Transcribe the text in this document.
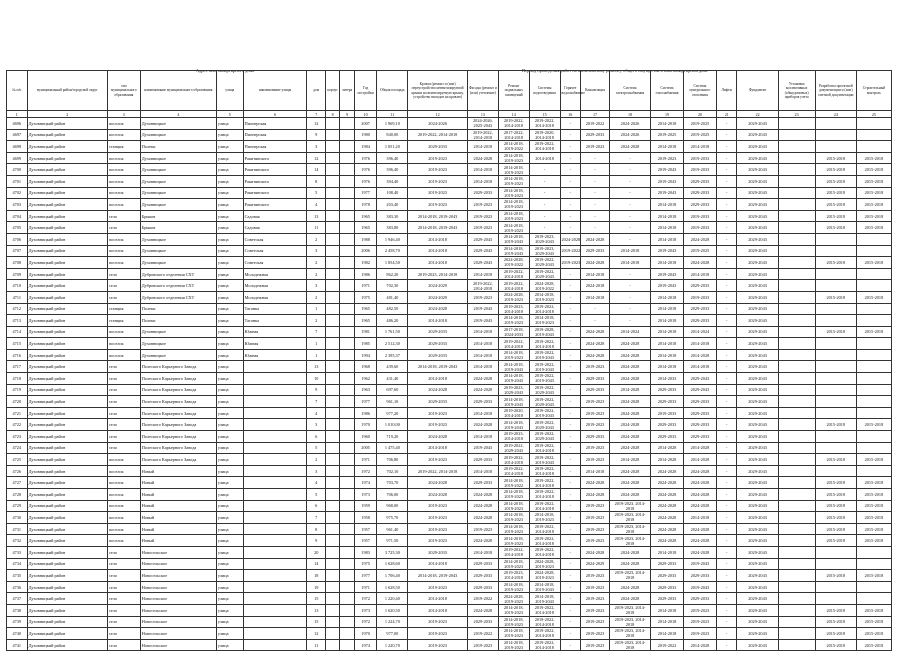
Адрес многоквартирного дома	Период проведения работ по капитальному ремонту общего имущества в многоквартирном доме
№ п/п	муниципальный район/городской округ	тип муниципального образования	наименование муниципального образования	улица	наименование улицы	дом	корпус	литера	Год постройки	Общая площадь	Кровля (ремонт и (или) переустройство невентилируемой крыши на вентилируемую крышу, устройство выходов на кровлю)	Фасады (ремонт и (или) утепление)	Ремонт подвальных помещений	Системы водоотведения	Горячее водоснабжение	Канализация	Система электроснабжения	Система газоснабжения	Система центрального отопления	Лифты	Фундамент	Установка коллективных (общедомовых) приборов учета	Разработка проектной документации и (или) сметной документации	Строительный контроль
1	2	3	4	5	6	7	8	9	10	11	12	13	14	15	16	17	18	19	20	21	22	23	24	25
4696	Духовницкий район	поселок	Духовницкое	улица	Пионерская	12			2007	1 969,10	2024-2026	2024-2026, 2025-2043	2019-2022, 2014-2018	2019-2022, 2014-2018	-	2019-2022	2024-2026	2014-2018	2019-2025	-	2029-2043			
4697	Духовницкий район	поселок	Духовницкое	улица	Пионерская	9			1980	840,00	2019-2022, 2014-2018	2019-2022, 2014-2018	2017-2022, 2014-2018	2019-2020, 2014-2018	-	2029-2033	2024-2026	2019-2025	2019-2025	-	2029-2043			
4698	Духовницкий район	станция	Полеки	улица	Пионерская	3			1984	1 051,20	2029-2033	2014-2018	2014-2018, 2019-2022	2019-2022, 2014-2018	-	2019-2023	2024-2028	2014-2018	2014-2018	-	2029-2043			
4699	Духовницкий район	поселок	Духовницкое	улица	Ракитянского	12			1976	396,40	2019-2023	2024-2028	2014-2018, 2019-2023	2014-2018	-	-	-	2019-2023	2019-2033	-	2029-2043		2015-2018	2015-2018
4700	Духовницкий район	поселок	Духовницкое	улица	Ракитянского	14			1976	396,40	2019-2023	2014-2018	2014-2018, 2019-2023	-	-	-	-	2019-2043	2019-2033	-	2029-2043		2015-2018	2015-2018
4701	Духовницкий район	поселок	Духовницкое	улица	Ракитянского	8			1976	394,40	2019-2023	2014-2018	2014-2018, 2019-2023	-	-	-	-	2019-2043	2029-2033	-	2029-2043		2015-2018	2015-2018
4702	Духовницкий район	поселок	Духовницкое	улица	Ракитянского	5			1977	108,40	2019-2023	2029-2033	2014-2018, 2019-2023	-	-	-	-	2019-2043	2029-2033	-	2029-2043		2015-2018	2015-2018
4703	Духовницкий район	поселок	Духовницкое	улица	Ракитянского	4			1978	203,40	2019-2023	2019-2023	2014-2018, 2019-2023	-	-	-	-	2014-2018	2029-2033	-	2029-2043		2015-2018	2015-2018
4704	Духовницкий район	село	Брыков	улица	Садовая	13			1965	383,30	2014-2018, 2019-2043	2019-2023	2014-2018, 2019-2023	-	-	-	-	2014-2018	2019-2033	-	2029-2043		2015-2018	2015-2018
4705	Духовницкий район	село	Брыков	улица	Садовая	11			1965	383,80	2014-2018, 2019-2043	2019-2023	2014-2018, 2019-2023	-	-	-	-	2014-2018	2019-2033	-	2029-2043		2015-2018	2015-2018
4706	Духовницкий район	поселок	Духовницкое	улица	Советская	2			1988	1 946,40	2014-2018	2029-2043	2014-2018, 2019-2043	2019-2023, 2029-2043	2024-2028	2024-2028	-	2014-2018	2024-2028	-	2029-2043			
4707	Духовницкий район	поселок	Духовницкое	улица	Советская	3			2006	2 458,70	2014-2018	2029-2043	2014-2018, 2019-2043	2019-2023, 2029-2043	2019-2022	2029-2033	2014-2018	2019-2043	2019-2025	-	2029-2043			
4708	Духовницкий район	поселок	Духовницкое	улица	Советская	2			1982	1 854,50	2014-2018	2029-2043	2024-2028, 2019-2022	2019-2022, 2029-2043	2019-2023	2024-2028	2014-2018	2014-2018	2024-2028	-	2029-2043		2015-2018	2015-2018
4709	Духовницкий район	село	Дубровского отделения СХТ	улица	Молодежная	2			1986	862,20	2019-2023, 2014-2018	2014-2018	2019-2022, 2014-2018	2019-2022, 2029-2043	-	2014-2018	-	2019-2043	2014-2018	-	2029-2043			
4710	Духовницкий район	село	Дубровского отделения СХТ	улица	Молодежная	3			1971	702,30	2024-2029	2019-2022, 2014-2018	2019-2022, 2014-2018	2024-2028, 2019-2022	-	2024-2018	-	2019-2043	2029-2033	-	2029-2043			
4711	Духовницкий район	село	Дубровского отделения СХТ	улица	Молодежная	2			1975	481,40	2024-2029	2019-2023	2024-2028, 2019-2023	2014-2018, 2019-2023	-	2014-2018	-	2014-2018	2019-2033	-	2029-2043		2015-2018	2015-2018
4712	Духовницкий район	станция	Полеки	улица	Таганка	1			1965	482,50	2024-2028	2019-2043	2019-2023, 2014-2018	2019-2022, 2014-2018	-	-	-	2014-2018	2029-2033	-	2029-2043			
4713	Духовницкий район	станция	Полеки	улица	Таганка	2			1965	486,20	2014-2018	2019-2043	2014-2018, 2019-2023	2014-2018, 2019-2023	-	-	-	2014-2018	2029-2033	-	2029-2043			
4714	Духовницкий район	поселок	Духовницкое	улица	Южная	7			1981	1 761,50	2029-2033	2014-2018	2017-2018, 2024-2033	2019-2028, 2019-2043	-	2024-2028	2014-2024	2014-2018	2014-2024	-	2029-2043		2015-2018	2015-2018
4715	Духовницкий район	поселок	Духовницкое	улица	Южная	1			1985	2 512,30	2029-2033	2014-2018	2019-2022, 2014-2018	2019-2022, 2014-2018	-	2024-2028	2024-2028	2014-2018	2014-2018	-	2029-2043			
4716	Духовницкий район	поселок	Духовницкое	улица	Южная	1			1994	2 395,37	2029-2033	2014-2018	2014-2018, 2019-2023	2019-2022, 2019-2043	-	2024-2028	2024-2028	2014-2018	2014-2028	-	2029-2043			
4717	Духовницкий район	село	Полеского Карьерного Завода	улица		13			1968	439,60	2014-2018, 2019-2043	2014-2018	2014-2018, 2019-2043	2019-2022, 2019-2043	-	2019-2023	2024-2028	2014-2018	2014-2018	-	2029-2043			
4718	Духовницкий район	село	Полеского Карьерного Завода	улица		10			1962	431,40	2014-2018	2024-2028	2014-2018, 2019-2043	2019-2022, 2019-2043	-	2029-2033	2024-2028	2014-2033	2029-2043	-	2029-2043			
4719	Духовницкий район	село	Полеского Карьерного Завода	улица		9			1963	697,60	2024-2028	2024-2028	2019-2023, 2029-2043	2019-2022, 2029-2043	-	2029-2033	2014-2028	2029-2033	2029-2043	-	2029-2043			
4720	Духовницкий район	село	Полеского Карьерного Завода	улица		7			1977	961,10	2029-2033	2029-2033	2014-2018, 2019-2043	2019-2022, 2029-2043	-	2019-2023	2024-2028	2029-2033	2029-2033	-	2029-2043			
4721	Духовницкий район	село	Полеского Карьерного Завода	улица		4			1986	977,20	2019-2023	2014-2018	2019-2020, 2014-2018	2019-2022, 2019-2043	-	2019-2023	2024-2028	2019-2033	2029-2033	-	2029-2043			
4722	Духовницкий район	село	Полеского Карьерного Завода	улица		3			1970	1 010,00	2019-2023	2024-2028	2014-2018, 2019-2043	2019-2022, 2029-2043	-	2019-2023	2024-2028	2029-2033	2029-2033	-	2029-2043		2015-2018	2015-2018
4723	Духовницкий район	село	Полеского Карьерного Завода	улица		6			1960	719,20	2024-2028	2014-2018	2019-2023, 2014-2018	2019-2022, 2029-2043	-	2029-2033	2024-2028	2029-2033	2029-2033	-	2029-2043			
4724	Духовницкий район	село	Полеского Карьерного Завода	улица		5			2005	1 475,40	2014-2018	2019-2043	2019-2022, 2029-2043	2019-2022, 2014-2018	-	2019-2023	2024-2028	2014-2028	2014-2028	-	2029-2043			
4725	Духовницкий район	поселок	Полеского Карьерного Завода	улица		2			1971	706,80	2019-2023	2029-2033	2019-2022, 2014-2018	2019-2022, 2019-2043	-	2019-2023	2014-2028	2014-2028	2014-2028	-	2029-2043		2015-2018	2015-2018
4726	Духовницкий район	поселок	Новый	улица		3			1972	702,10	2019-2022, 2014-2018	2014-2018	2019-2022, 2014-2018	2019-2022, 2014-2018	-	2014-2018	2024-2028	2024-2028	2024-2028	-	2029-2043			
4727	Духовницкий район	поселок	Новый	улица		4			1974	703,70	2024-2028	2029-2033	2014-2018, 2019-2022	2019-2022, 2014-2018	-	2024-2028	2024-2028	2024-2028	2024-2028	-	2029-2043		2015-2018	2015-2018
4728	Духовницкий район	поселок	Новый	улица		5			1973	706,00	2024-2028	2024-2028	2014-2018, 2019-2023	2019-2022, 2014-2018	-	2024-2028	2024-2028	2024-2028	2024-2028	-	2029-2043		2015-2018	2015-2018
4729	Духовницкий район	поселок	Новый	улица		6			1959	968,00	2019-2023	2024-2028	2014-2018, 2019-2023	2019-2022, 2014-2018	-	2019-2023	2019-2023, 2014-2018	2024-2028	2024-2028	-	2029-2043		2015-2018	2015-2018
4730	Духовницкий район	поселок	Новый	улица		7			1958	975,70	2019-2023	2024-2028	2014-2018, 2019-2023	2014-2018, 2019-2023	-	2019-2023	2019-2023, 2014-2018	2024-2028	2014-2018	-	2029-2043		2015-2018	2015-2018
4731	Духовницкий район	поселок	Новый	улица		8			1957	961,40	2019-2023	2019-2023	2014-2018, 2019-2023	2019-2022, 2014-2018	-	2019-2023	2019-2023, 2014-2018	2024-2028	2024-2028	-	2029-2043		2015-2018	2015-2018
4732	Духовницкий район	поселок	Новый	улица		9			1957	971,50	2019-2023	2024-2028	2014-2018, 2019-2023	2019-2022, 2014-2018	-	2019-2023	2019-2023, 2014-2018	2024-2028	2024-2028	-	2029-2043		2015-2018	2015-2018
4733	Духовницкий район	село	Новосельское	улица		20			1983	3 725,30	2029-2033	2014-2018	2019-2022, 2014-2018	2019-2022, 2014-2018	-	2024-2028	2024-2028	2014-2018	2024-2028	-	2029-2043			
4734	Духовницкий район	село	Новосельское	улица		14			1975	1 628,60	2014-2018	2029-2033	2014-2018, 2019-2023	2024-2028, 2019-2023	-	2024-2029	2024-2028	2029-2033	2019-2043	-	2029-2043			
4735	Духовницкий район	село	Новосельское	улица		18			1977	1 706,40	2014-2018, 2019-2043	2029-2033	2019-2023, 2014-2018	2024-2028, 2019-2023	-	2019-2023	2019-2023, 2014-2018	2029-2033	2029-2033	-	2029-2043		2015-2018	2015-2018
4736	Духовницкий район	село	Новосельское	улица		19			1971	1 628,50	2019-2023	2029-2033	2014-2018, 2019-2023	2014-2018, 2019-2043	-	2019-2023	2024-2028	2029-2033	2019-2043	-	2029-2043			
4737	Духовницкий район	село	Новосельское	улица		15			1972	1 220,40	2014-2018	2019-2022	2024-2028, 2019-2023	2014-2018, 2019-2043	-	2019-2023	2024-2028	2029-2033	2029-2033	-	2029-2043			
4738	Духовницкий район	село	Новосельское	улица		13			1973	1 620,50	2014-2018	2024-2028	2014-2018, 2019-2023	2019-2022, 2014-2018	-	2019-2023	2019-2023, 2014-2018	2014-2018	2019-2023	-	2029-2043		2015-2018	2015-2018
4739	Духовницкий район	село	Новосельское	улица		15			1972	1 224,70	2019-2023	2029-2033	2014-2018, 2019-2023	2019-2022, 2014-2018	-	2019-2023	2019-2023, 2014-2018	2014-2018	2019-2023	-	2029-2043		2015-2018	2015-2018
4740	Духовницкий район	село	Новосельское	улица		12			1970	977,00	2019-2023	2019-2022	2014-2018, 2019-2023	2019-2022, 2014-2018	-	2019-2023	2019-2023, 2014-2018	2014-2018	2019-2023	-	2029-2043		2015-2018	2015-2018
4741	Духовницкий район	село	Новосельское	улица		11			1974	1 220,70	2019-2023	2019-2023	2014-2018, 2019-2023	2019-2022, 2014-2018	-	2019-2023	2019-2023, 2014-2018	2019-2022	2014-2028	-	2029-2043		2015-2018	2015-2018
